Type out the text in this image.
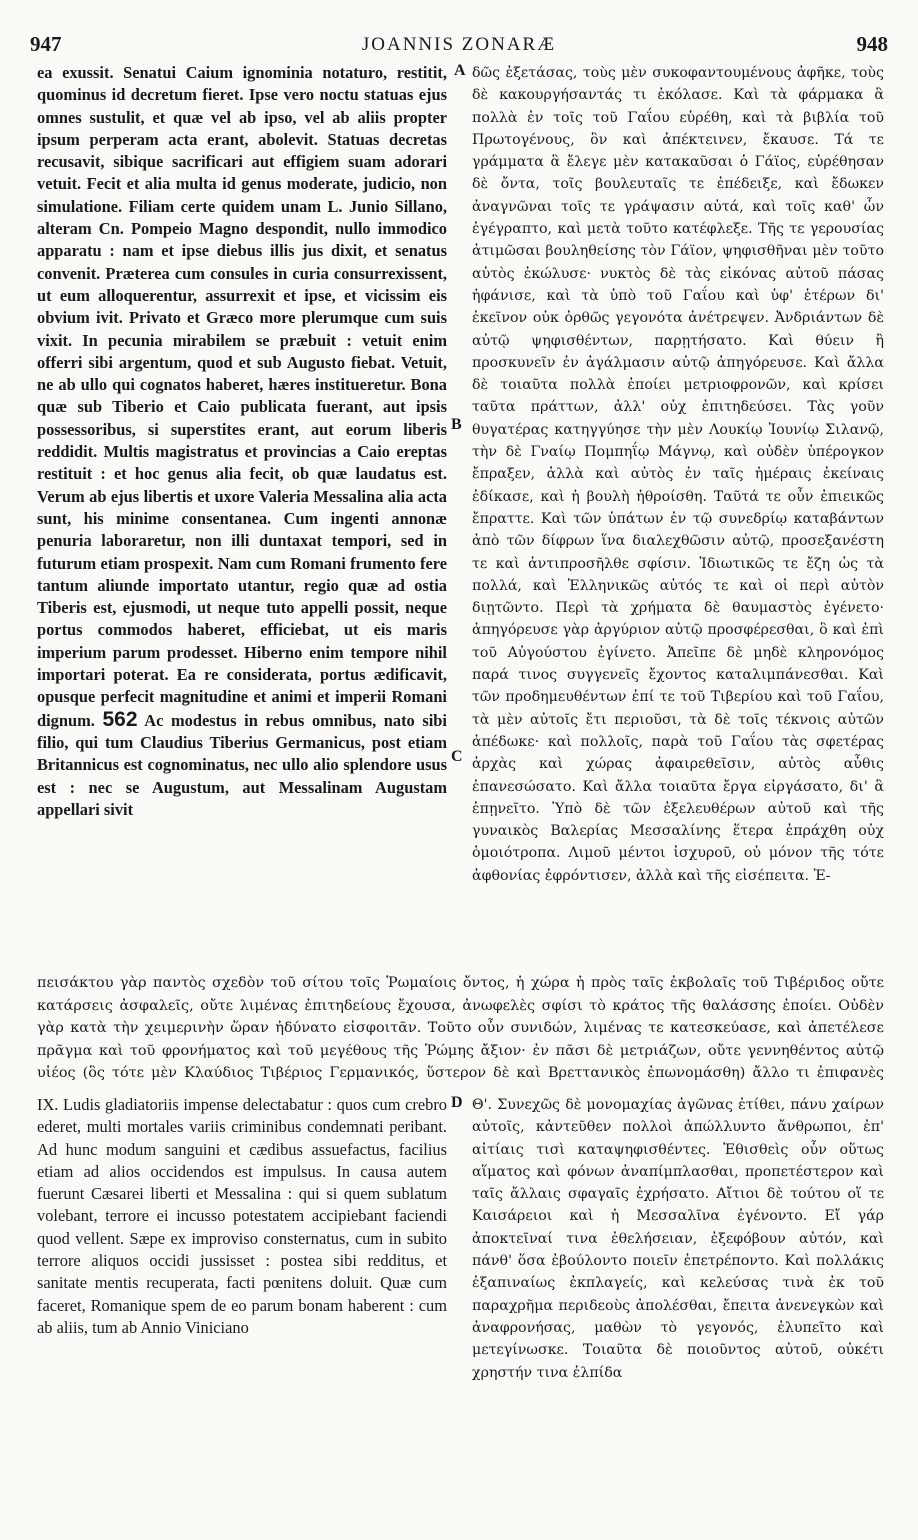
947	JOANNIS ZONARÆ	948
ea exussit. Senatui Caium ignominia notaturo, restitit, quominus id decretum fieret. Ipse vero noctu statuas ejus omnes sustulit, et quæ vel ab ipso, vel ab aliis propter ipsum perperam acta erant, abolevit. Statuas decretas recusavit, sibique sacrificari aut effigiem suam adorari vetuit. Fecit et alia multa id genus moderate, judicio, non simulatione. Filiam certe quidem unam L. Junio Sillano, alteram Cn. Pompeio Magno despondit, nullo immodico apparatu : nam et ipse diebus illis jus dixit, et senatus convenit. Præterea cum consules in curia consurrexissent, ut eum alloquerentur, assurrexit et ipse, et vicissim eis obvium ivit. Privato et Græco more plerumque cum suis vixit. In pecunia mirabilem se præbuit : vetuit enim offerri sibi argentum, quod et sub Augusto fiebat. Vetuit, ne ab ullo qui cognatos haberet, hæres institueretur. Bona quæ sub Tiberio et Caio publicata fuerant, aut ipsis possessoribus, si superstites erant, aut eorum liberis reddidit. Multis magistratus et provincias a Caio ereptas restituit : et hoc genus alia fecit, ob quæ laudatus est. Verum ab ejus libertis et uxore Valeria Messalina alia acta sunt, his minime consentanea. Cum ingenti annonæ penuria laboraretur, non illi duntaxat tempori, sed in futurum etiam prospexit. Nam cum Romani frumento fere tantum aliunde importato utantur, regio quæ ad ostia Tiberis est, ejusmodi, ut neque tuto appelli possit, neque portus commodos haberet, efficiebat, ut eis maris imperium parum prodesset. Hiberno enim tempore nihil importari poterat. Ea re considerata, portus ædificavit, opusque perfecit magnitudine et animi et imperii Romani dignum. 562 Ac modestus in rebus omnibus, nato sibi filio, qui tum Claudius Tiberius Germanicus, post etiam Britannicus est cognominatus, nec ullo alio splendore usus est : nec se Augustum, aut Messalinam Augustam appellari sivit
A
B
C
D
δῶς ἐξετάσας, τοὺς μὲν συκοφαντουμένους ἀφῆκε, τοὺς δὲ κακουργήσαντάς τι ἐκόλασε. Καὶ τὰ φάρμακα ἃ πολλὰ ἐν τοῖς τοῦ Γαΐου εὑρέθη, καὶ τὰ βιβλία τοῦ Πρωτογένους, ὃν καὶ ἀπέκτεινεν, ἔκαυσε. Τά τε γράμματα ἃ ἔλεγε μὲν κατακαῦσαι ὁ Γάϊος, εὑρέθησαν δὲ ὄντα, τοῖς βουλευταῖς τε ἐπέδειξε, καὶ ἔδωκεν ἀναγνῶναι τοῖς τε γράψασιν αὐτά, καὶ τοῖς καθ' ὧν ἐγέγραπτο, καὶ μετὰ τοῦτο κατέφλεξε. Τῆς τε γερουσίας ἀτιμῶσαι βουληθείσης τὸν Γάϊον, ψηφισθῆναι μὲν τοῦτο αὐτὸς ἐκώλυσε· νυκτὸς δὲ τὰς εἰκόνας αὐτοῦ πάσας ἠφάνισε, καὶ τὰ ὑπὸ τοῦ Γαΐου καὶ ὑφ' ἑτέρων δι' ἐκεῖνον οὐκ ὀρθῶς γεγονότα ἀνέτρεψεν. Ἀνδριάντων δὲ αὐτῷ ψηφισθέντων, παρῃτήσατο. Καὶ θύειν ἢ προσκυνεῖν ἐν ἀγάλμασιν αὐτῷ ἀπηγόρευσε. Καὶ ἄλλα δὲ τοιαῦτα πολλὰ ἐποίει μετριοφρονῶν, καὶ κρίσει ταῦτα πράττων, ἀλλ' οὐχ ἐπιτηδεύσει. Τὰς γοῦν θυγατέρας κατηγγύησε τὴν μὲν Λουκίῳ Ἰουνίῳ Σιλανῷ, τὴν δὲ Γναίῳ Πομπηΐῳ Μάγνῳ, καὶ οὐδὲν ὑπέρογκον ἔπραξεν, ἀλλὰ καὶ αὐτὸς ἐν ταῖς ἡμέραις ἐκείναις ἐδίκασε, καὶ ἡ βουλὴ ἠθροίσθη. Ταῦτά τε οὖν ἐπιεικῶς ἔπραττε. Καὶ τῶν ὑπάτων ἐν τῷ συνεδρίῳ καταβάντων ἀπὸ τῶν δίφρων ἵνα διαλεχθῶσιν αὐτῷ, προσεξανέστη τε καὶ ἀντιπροσῆλθε σφίσιν. Ἰδιωτικῶς τε ἔζη ὡς τὰ πολλά, καὶ Ἑλληνικῶς αὐτός τε καὶ οἱ περὶ αὐτὸν διῃτῶντο. Περὶ τὰ χρήματα δὲ θαυμαστὸς ἐγένετο· ἀπηγόρευσε γὰρ ἀργύριον αὐτῷ προσφέρεσθαι, ὃ καὶ ἐπὶ τοῦ Αὐγούστου ἐγίνετο. Ἀπεῖπε δὲ μηδὲ κληρονόμος παρά τινος συγγενεῖς ἔχοντος καταλιμπάνεσθαι. Καὶ τῶν προδημευθέντων ἐπί τε τοῦ Τιβερίου καὶ τοῦ Γαΐου, τὰ μὲν αὐτοῖς ἔτι περιοῦσι, τὰ δὲ τοῖς τέκνοις αὐτῶν ἀπέδωκε· καὶ πολλοῖς, παρὰ τοῦ Γαΐου τὰς σφετέρας ἀρχὰς καὶ χώρας ἀφαιρεθεῖσιν, αὐτὸς αὖθις ἐπανεσώσατο. Καὶ ἄλλα τοιαῦτα ἔργα εἰργάσατο, δι' ἃ ἐπῃνεῖτο. Ὑπὸ δὲ τῶν ἐξελευθέρων αὐτοῦ καὶ τῆς γυναικὸς Βαλερίας Μεσσαλίνης ἕτερα ἐπράχθη οὐχ ὁμοιότροπα. Λιμοῦ μέντοι ἰσχυροῦ, οὐ μόνον τῆς τότε ἀφθονίας ἐφρόντισεν, ἀλλὰ καὶ τῆς εἰσέπειτα. Ἐ-
πεισάκτου γὰρ παντὸς σχεδὸν τοῦ σίτου τοῖς Ῥωμαίοις ὄντος, ἡ χώρα ἡ πρὸς ταῖς ἐκβολαῖς τοῦ Τιβέριδος οὔτε κατάρσεις ἀσφαλεῖς, οὔτε λιμένας ἐπιτηδείους ἔχουσα, ἀνωφελὲς σφίσι τὸ κράτος τῆς θαλάσσης ἐποίει. Οὐδὲν γὰρ κατὰ τὴν χειμερινὴν ὥραν ἠδύνατο εἰσφοιτᾶν. Τοῦτο οὖν συνιδών, λιμένας τε κατεσκεύασε, καὶ ἀπετέλεσε πρᾶγμα καὶ τοῦ φρονήματος καὶ τοῦ μεγέθους τῆς Ῥώμης ἄξιον· ἐν πᾶσι δὲ μετριάζων, οὔτε γεννηθέντος αὐτῷ υἱέος (ὃς τότε μὲν Κλαύδιος Τιβέριος Γερμανικός, ὕστερον δὲ καὶ Βρεττανικὸς ἐπωνομάσθη) ἄλλο τι ἐπιφανὲς
IX. Ludis gladiatoriis impense delectabatur : quos cum crebro ederet, multi mortales variis criminibus condemnati peribant. Ad hunc modum sanguini et cædibus assuefactus, facilius etiam ad alios occidendos est impulsus. In causa autem fuerunt Cæsarei liberti et Messalina : qui si quem sublatum volebant, terrore ei incusso potestatem accipiebant faciendi quod vellent. Sæpe ex improviso consternatus, cum in subito terrore aliquos occidi jussisset : postea sibi redditus, et sanitate mentis recuperata, facti pœnitens doluit. Quæ cum faceret, Romanique spem de eo parum bonam haberent : cum ab aliis, tum ab Annio Viniciano
Θ'. Συνεχῶς δὲ μονομαχίας ἀγῶνας ἐτίθει, πάνυ χαίρων αὐτοῖς, κἀντεῦθεν πολλοὶ ἀπώλλυντο ἄνθρωποι, ἐπ' αἰτίαις τισὶ καταψηφισθέντες. Ἐθισθεὶς οὖν οὕτως αἵματος καὶ φόνων ἀναπίμπλασθαι, προπετέστερον καὶ ταῖς ἄλλαις σφαγαῖς ἐχρήσατο. Αἴτιοι δὲ τούτου οἵ τε Καισάρειοι καὶ ἡ Μεσσαλῖνα ἐγένοντο. Εἴ γάρ ἀποκτεῖναί τινα ἐθελήσειαν, ἐξεφόβουν αὐτόν, καὶ πάνθ' ὅσα ἐβούλοντο ποιεῖν ἐπετρέποντο. Καὶ πολλάκις ἐξαπιναίως ἐκπλαγείς, καὶ κελεύσας τινὰ ἐκ τοῦ παραχρῆμα περιδεοὺς ἀπολέσθαι, ἔπειτα ἀνενεγκὼν καὶ ἀναφρονήσας, μαθὼν τὸ γεγονός, ἐλυπεῖτο καὶ μετεγίνωσκε. Τοιαῦτα δὲ ποιοῦντος αὐτοῦ, οὐκέτι χρηστήν τινα ἐλπίδα
